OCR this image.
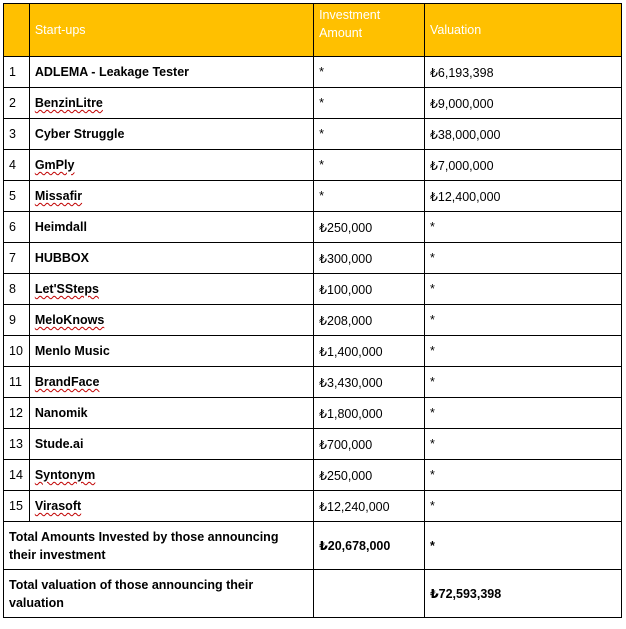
	Start-ups	Investment Amount	Valuation
1	ADLEMA - Leakage Tester	*	₺6,193,398
2	BenzinLitre	*	₺9,000,000
3	Cyber Struggle	*	₺38,000,000
4	GmPly	*	₺7,000,000
5	Missafir	*	₺12,400,000
6	Heimdall	₺250,000	*
7	HUBBOX	₺300,000	*
8	Let'SSteps	₺100,000	*
9	MeloKnows	₺208,000	*
10	Menlo Music	₺1,400,000	*
11	BrandFace	₺3,430,000	*
12	Nanomik	₺1,800,000	*
13	Stude.ai	₺700,000	*
14	Syntonym	₺250,000	*
15	Virasoft	₺12,240,000	*
Total Amounts Invested by those announcing their investment		₺20,678,000	*
Total valuation of those announcing their valuation			₺72,593,398
